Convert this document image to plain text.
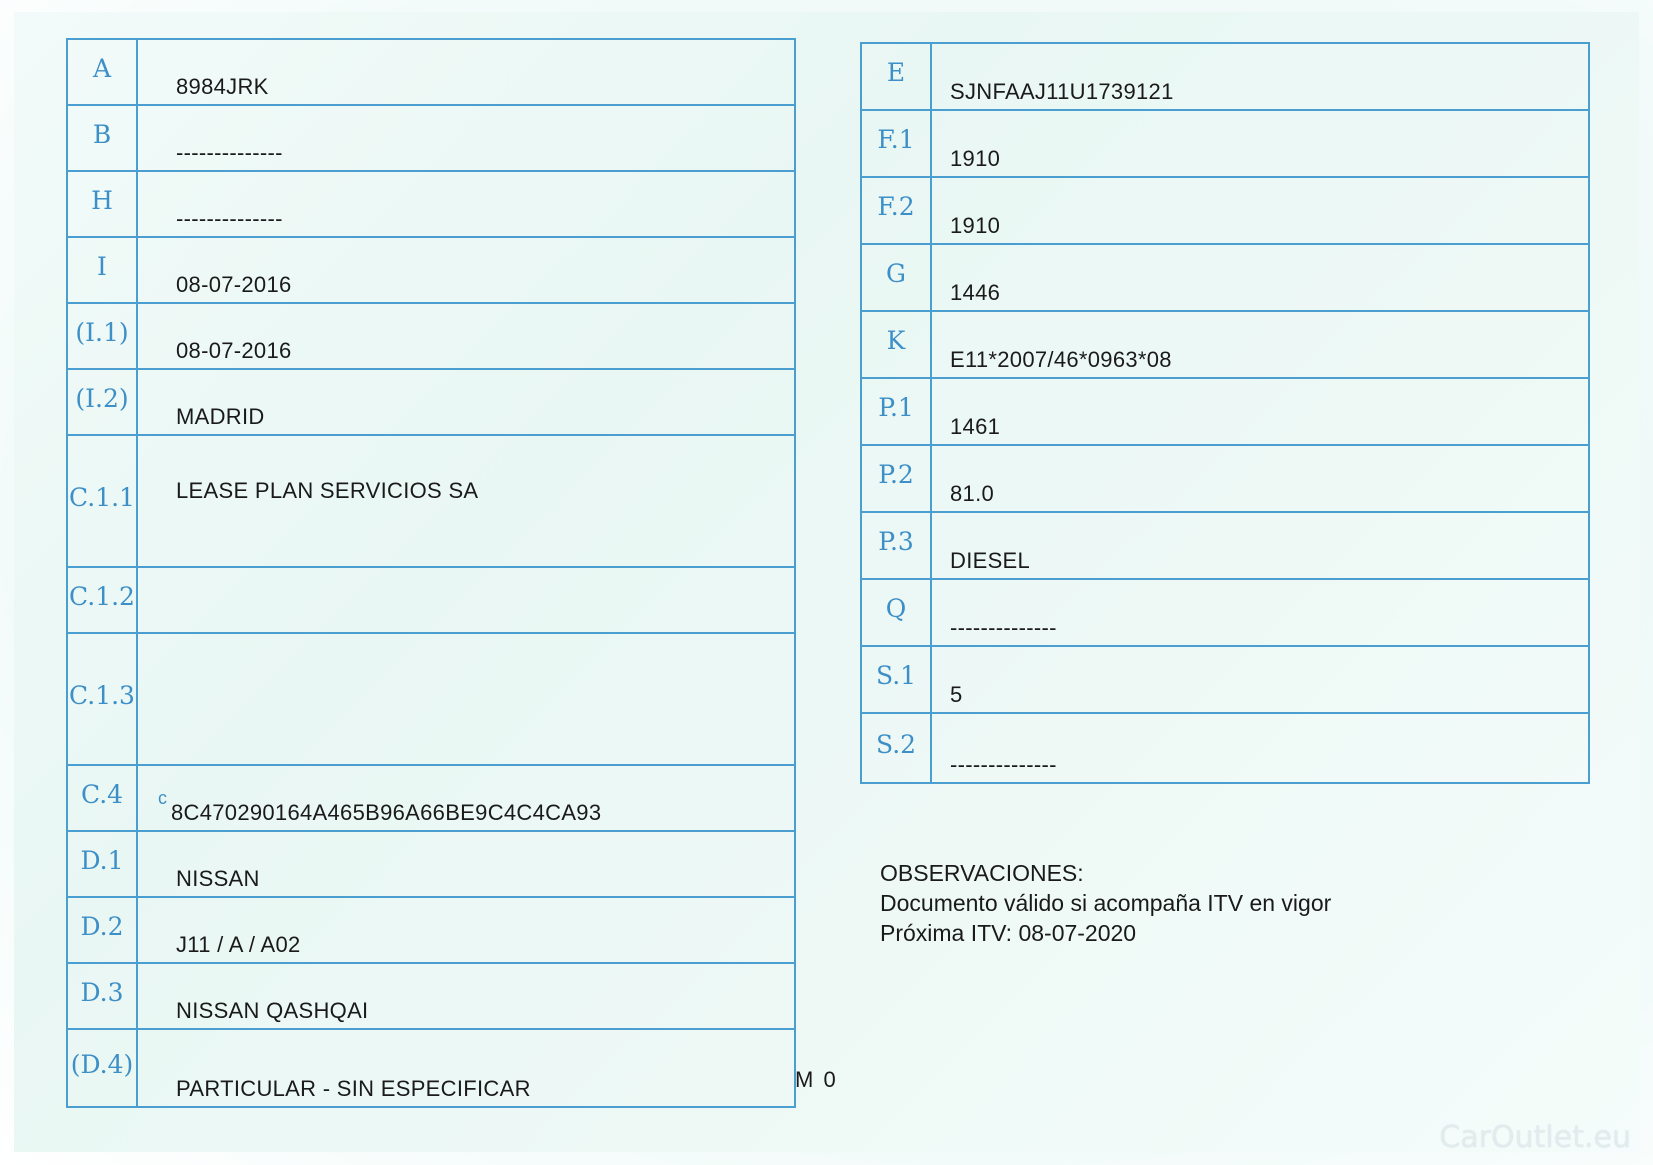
A
8984JRK
B
--------------
H
--------------
I
08-07-2016
(I.1)
08-07-2016
(I.2)
MADRID
C.1.1 LEASE PLAN SERVICIOS SA
C.1.2
C.1.3
C.4	c
8C470290164A465B96A66BE9C4C4CA93
D.1
NISSAN
D.2
J11 / A / A02
D.3
NISSAN QASHQAI
(D.4)
PARTICULAR - SIN ESPECIFICAR
E
SJNFAAJ11U1739121
F.1
1910
F.2
1910
G
1446
K
E11*2007/46*0963*08
P.1
1461
P.2
81.0
P.3
DIESEL
Q
--------------
S.1
5
S.2
--------------
OBSERVACIONES:
Documento válido si acompaña ITV en vigor
Próxima ITV: 08-07-2020
M 0
CarOutlet.eu
